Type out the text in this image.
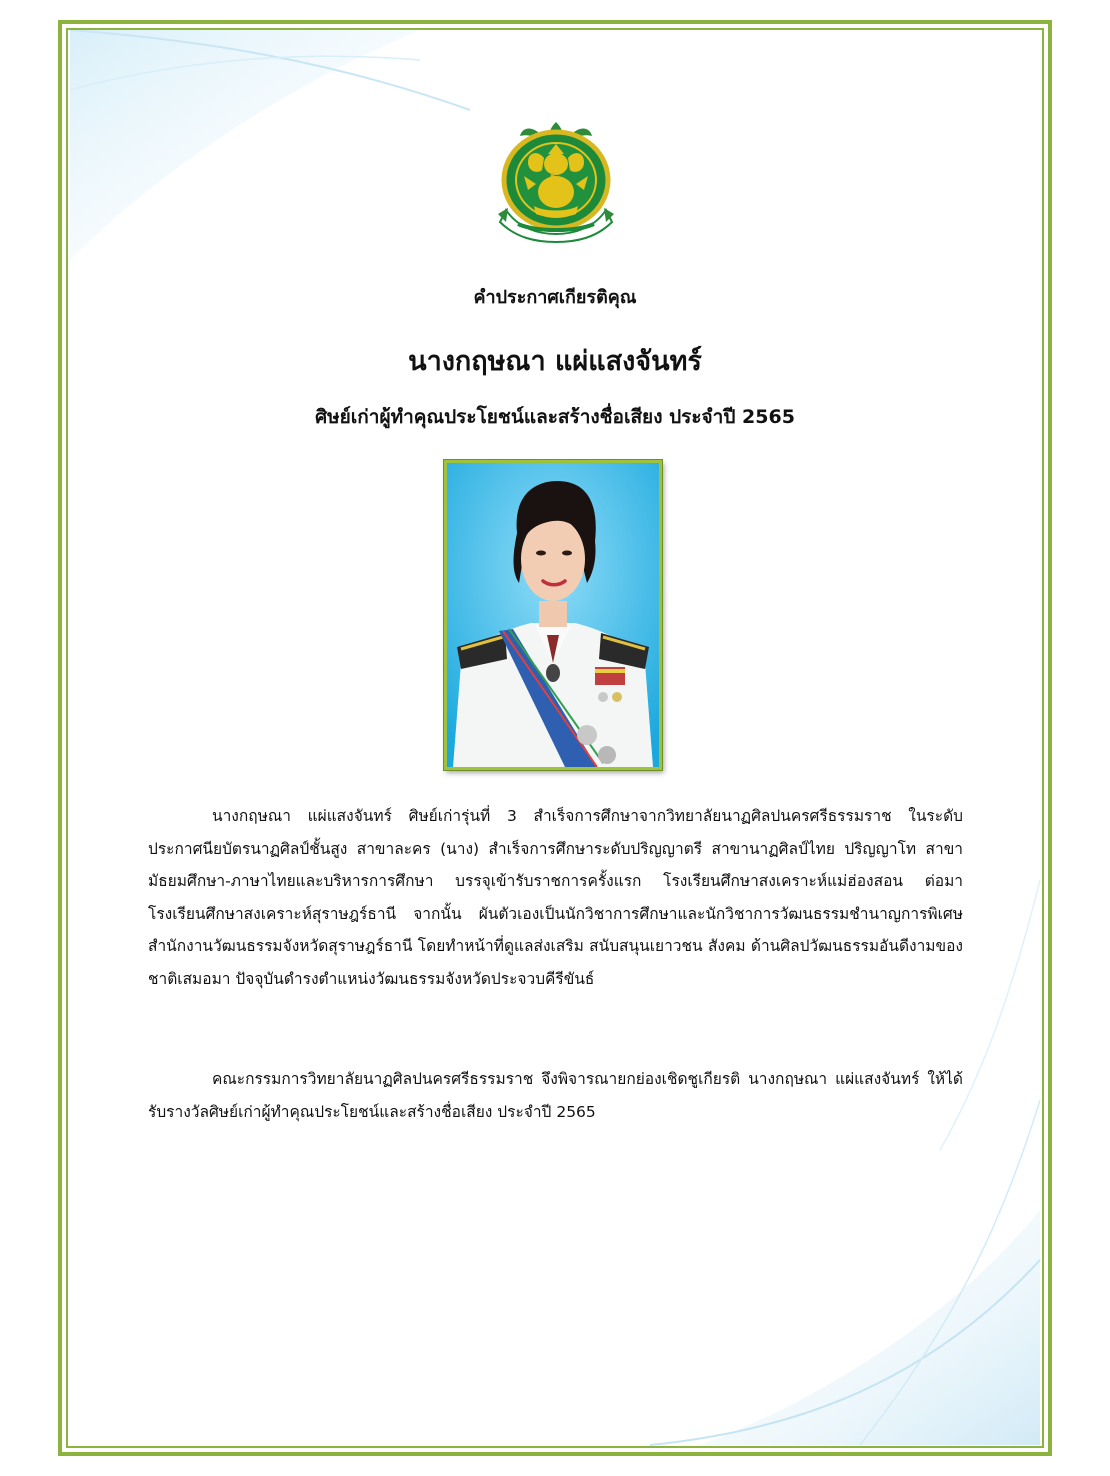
คำประกาศเกียรติคุณ
นางกฤษณา แผ่แสงจันทร์
ศิษย์เก่าผู้ทำคุณประโยชน์และสร้างชื่อเสียง ประจำปี 2565
นางกฤษณา แผ่แสงจันทร์ ศิษย์เก่ารุ่นที่ 3 สำเร็จการศึกษาจากวิทยาลัยนาฏศิลปนครศรีธรรมราช ในระดับประกาศนียบัตรนาฏศิลป์ชั้นสูง สาขาละคร (นาง) สำเร็จการศึกษาระดับปริญญาตรี สาขานาฏศิลป์ไทย ปริญญาโท สาขามัธยมศึกษา-ภาษาไทยและบริหารการศึกษา บรรจุเข้ารับราชการครั้งแรก โรงเรียนศึกษาสงเคราะห์แม่ฮ่องสอน ต่อมาโรงเรียนศึกษาสงเคราะห์สุราษฎร์ธานี จากนั้น ผันตัวเองเป็นนักวิชาการศึกษาและนักวิชาการวัฒนธรรมชำนาญการพิเศษ สำนักงานวัฒนธรรมจังหวัดสุราษฎร์ธานี โดยทำหน้าที่ดูแลส่งเสริม สนับสนุนเยาวชน สังคม ด้านศิลปวัฒนธรรมอันดีงามของชาติเสมอมา ปัจจุบันดำรงตำแหน่งวัฒนธรรมจังหวัดประจวบคีรีขันธ์
คณะกรรมการวิทยาลัยนาฏศิลปนครศรีธรรมราช จึงพิจารณายกย่องเชิดชูเกียรติ นางกฤษณา แผ่แสงจันทร์ ให้ได้รับรางวัลศิษย์เก่าผู้ทำคุณประโยชน์และสร้างชื่อเสียง ประจำปี 2565
